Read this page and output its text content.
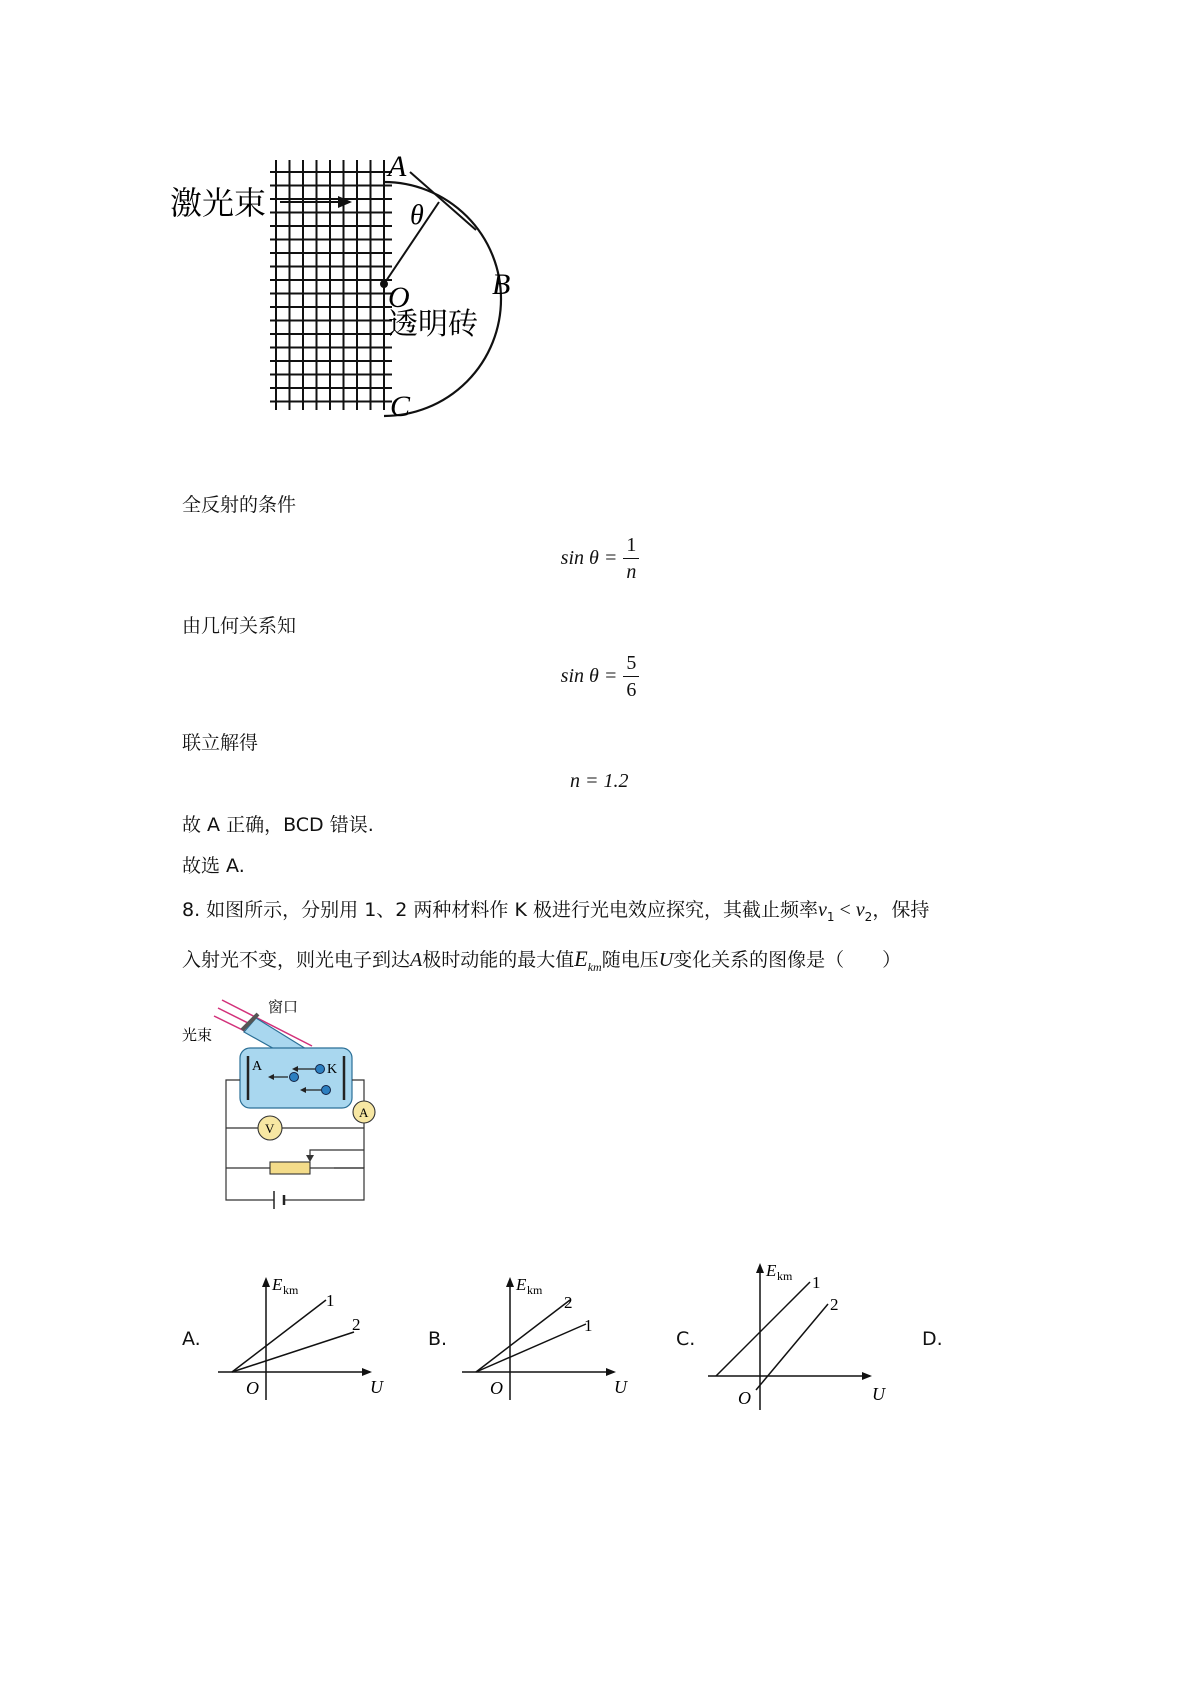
激光束
透明砖
A
B
C
O
θ
全反射的条件
$\sin \theta = \frac{1}{n}$
由几何关系知
$\sin \theta = \frac{5}{6}$
联立解得
n = 1.2
故 A 正确，BCD 错误.
故选 A.
8. 如图所示，分别用 1、2 两种材料作 K 极进行光电效应探究，其截止频率$\nu_1 < \nu_2$，保持
入射光不变，则光电子到达A极时动能的最大值$E_{km}$随电压U变化关系的图像是（　　）
光束
窗口
A	K
A
V
A.
E km
U
O
1
2
B.
E km
U
O
2
1
C.
E km
U
O
1
2
D.
